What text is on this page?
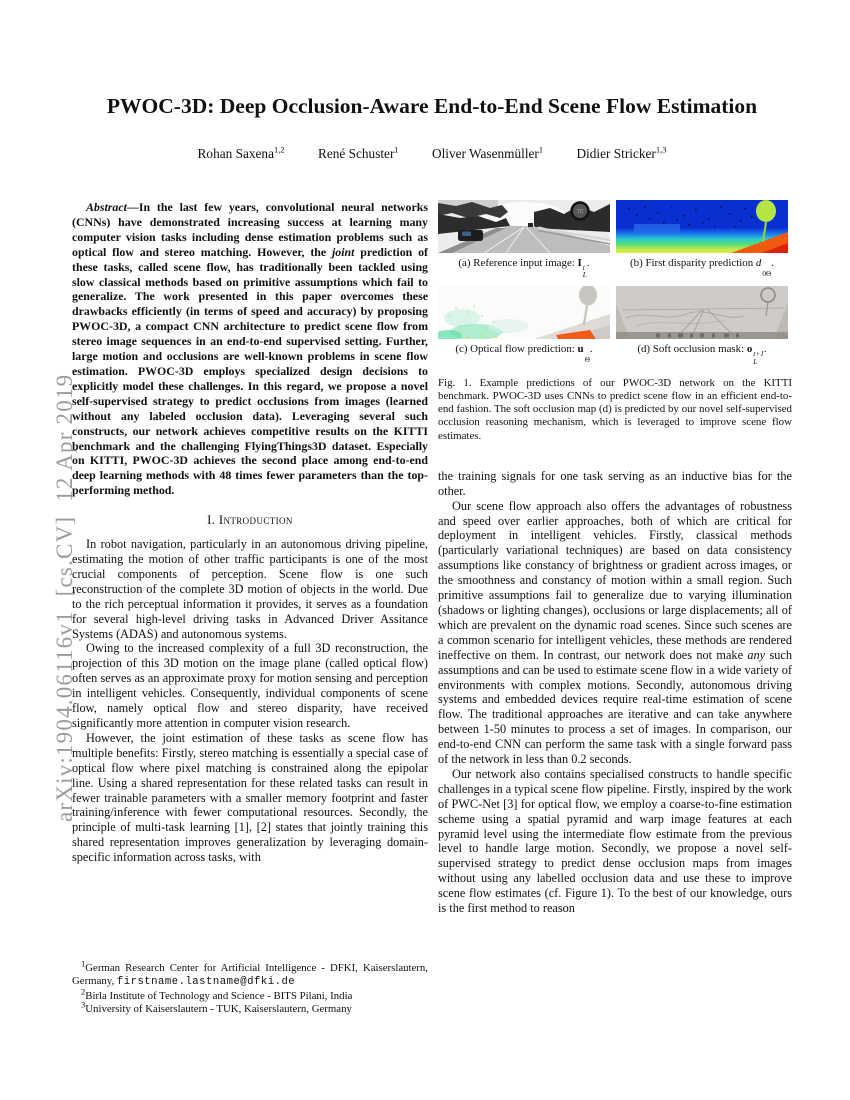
arXiv:1904.06116v1  [cs.CV]  12 Apr 2019
PWOC-3D: Deep Occlusion-Aware End-to-End Scene Flow Estimation
Rohan Saxena$^{1,2}$	René Schuster$^1$	Oliver Wasenmüller$^1$	Didier Stricker$^{1,3}$

Abstract—In the last few years, convolutional neural networks (CNNs) have demonstrated increasing success at learning many computer vision tasks including dense estimation problems such as optical flow and stereo matching. However, the joint prediction of these tasks, called scene flow, has traditionally been tackled using slow classical methods based on primitive assumptions which fail to generalize. The work presented in this paper overcomes these drawbacks efficiently (in terms of speed and accuracy) by proposing PWOC-3D, a compact CNN architecture to predict scene flow from stereo image sequences in an end-to-end supervised setting. Further, large motion and occlusions are well-known problems in scene flow estimation. PWOC-3D employs specialized design decisions to explicitly model these challenges. In this regard, we propose a novel self-supervised strategy to predict occlusions from images (learned without any labeled occlusion data). Leveraging several such constructs, our network achieves competitive results on the KITTI benchmark and the challenging FlyingThings3D dataset. Especially on KITTI, PWOC-3D achieves the second place among end-to-end deep learning methods with 48 times fewer parameters than the top-performing method.

I. Introduction

In robot navigation, particularly in an autonomous driving pipeline, estimating the motion of other traffic participants is one of the most crucial components of perception. Scene flow is one such reconstruction of the complete 3D motion of objects in the world. Due to the rich perceptual information it provides, it serves as a foundation for several high-level driving tasks in Advanced Driver Assitance Systems (ADAS) and autonomous systems.

Owing to the increased complexity of a full 3D reconstruction, the projection of this 3D motion on the image plane (called optical flow) often serves as an approximate proxy for motion sensing and perception in intelligent vehicles. Consequently, individual components of scene flow, namely optical flow and stereo disparity, have received significantly more attention in computer vision research.

However, the joint estimation of these tasks as scene flow has multiple benefits: Firstly, stereo matching is essentially a special case of optical flow where pixel matching is constrained along the epipolar line. Using a shared representation for these related tasks can result in fewer trainable parameters with a smaller memory footprint and faster training/inference with fewer computational resources. Secondly, the principle of multi-task learning [1], [2] states that jointly training this shared representation improves generalization by leveraging domain-specific information across tasks, with

$^1$German Research Center for Artificial Intelligence - DFKI, Kaiserslautern, Germany, firstname.lastname@dfki.de

$^2$Birla Institute of Technology and Science - BITS Pilani, India

$^3$University of Kaiserslautern - TUK, Kaiserslautern, Germany

70
(a) Reference input image: I t
L
.	(b) First disparity prediction d
0Θ
.
(c) Optical flow prediction: u
Θ
.	(d) Soft occlusion mask: o t+1
L
.

Fig. 1. Example predictions of our PWOC-3D network on the KITTI benchmark. PWOC-3D uses CNNs to predict scene flow in an efficient end-to-end fashion. The soft occlusion map (d) is predicted by our novel self-supervised occlusion reasoning mechanism, which is leveraged to improve scene flow estimates.

the training signals for one task serving as an inductive bias for the other.

Our scene flow approach also offers the advantages of robustness and speed over earlier approaches, both of which are critical for deployment in intelligent vehicles. Firstly, classical methods (particularly variational techniques) are based on data consistency assumptions like constancy of brightness or gradient across images, or the smoothness and constancy of motion within a small region. Such primitive assumptions fail to generalize due to varying illumination (shadows or lighting changes), occlusions or large displacements; all of which are prevalent on the dynamic road scenes. Since such scenes are a common scenario for intelligent vehicles, these methods are rendered ineffective on them. In contrast, our network does not make any such assumptions and can be used to estimate scene flow in a wide variety of environments with complex motions. Secondly, autonomous driving systems and embedded devices require real-time estimation of scene flow. The traditional approaches are iterative and can take anywhere between 1-50 minutes to process a set of images. In comparison, our end-to-end CNN can perform the same task with a single forward pass of the network in less than 0.2 seconds.

Our network also contains specialised constructs to handle specific challenges in a typical scene flow pipeline. Firstly, inspired by the work of PWC-Net [3] for optical flow, we employ a coarse-to-fine estimation scheme using a spatial pyramid and warp image features at each pyramid level using the intermediate flow estimate from the previous level to handle large motion. Secondly, we propose a novel self-supervised strategy to predict dense occlusion maps from images without using any labelled occlusion data and use these to improve scene flow estimates (cf. Figure 1). To the best of our knowledge, ours is the first method to reason
